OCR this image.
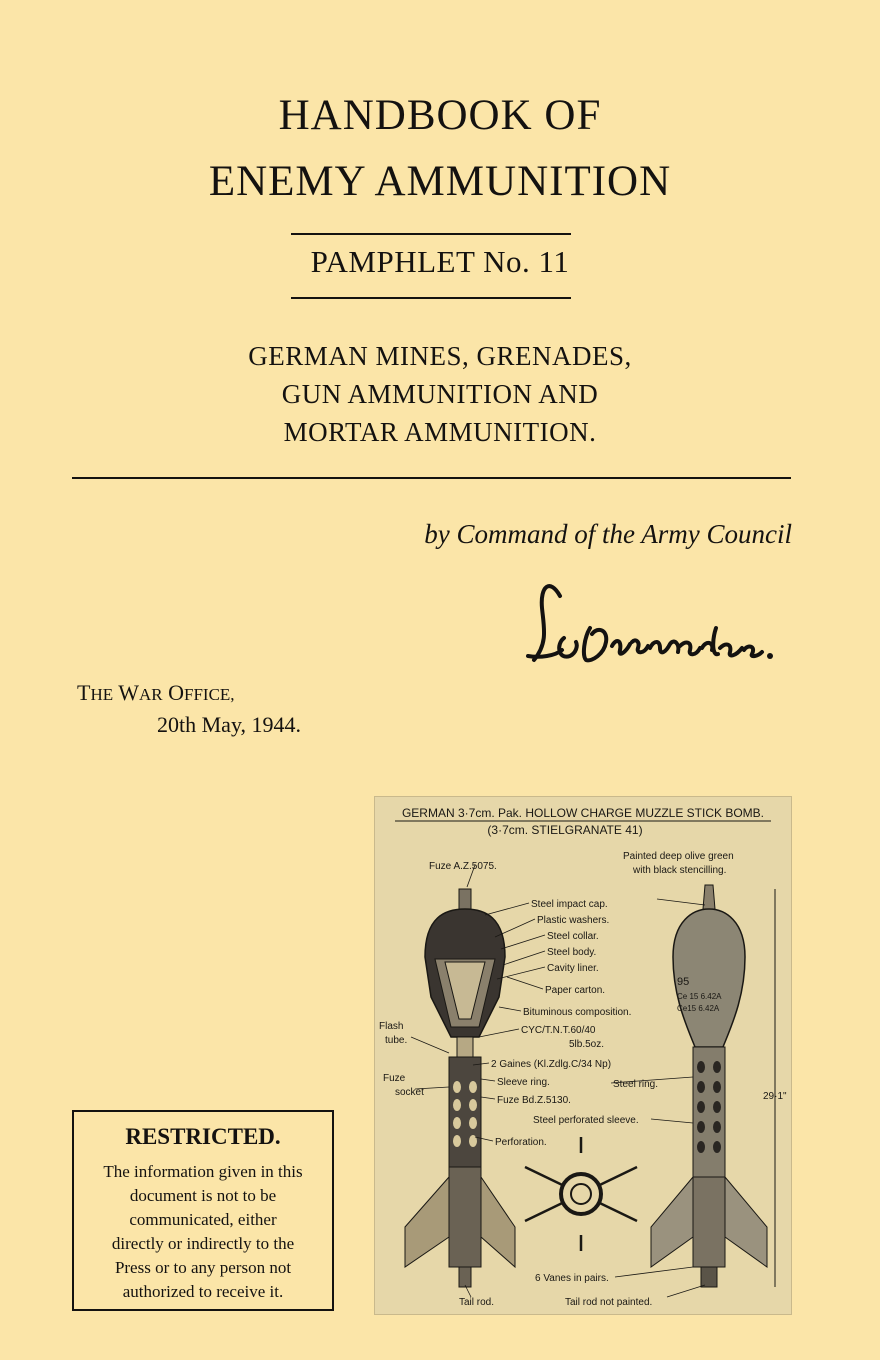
HANDBOOK OF
ENEMY AMMUNITION
PAMPHLET No. 11
GERMAN MINES, GRENADES,
GUN AMMUNITION AND
MORTAR AMMUNITION.
by Command of the Army Council
THE WAR OFFICE,
20th May, 1944.
RESTRICTED.
The information given in this
document is not to be
communicated, either
directly or indirectly to the
Press or to any person not
authorized to receive it.
GERMAN 3·7cm. Pak. HOLLOW CHARGE MUZZLE STICK BOMB.
(3·7cm. STIELGRANATE 41)
95
Ce 15 6.42A
Ce15 6.42A
29·1"
Fuze A.Z.5075.
Painted deep olive green
with black stencilling.
Steel impact cap.
Plastic washers.
Steel collar.
Steel body.
Cavity liner.
Paper carton.
Bituminous composition.
Flash
tube.
CYC/T.N.T.60/40
5lb.5oz.
2 Gaines (Kl.Zdlg.C/34 Np)
Fuze
socket
Sleeve ring.	Steel ring.
Fuze Bd.Z.5130.
Steel perforated sleeve.
Perforation.
6 Vanes in pairs.
Tail rod.	Tail rod not painted.
